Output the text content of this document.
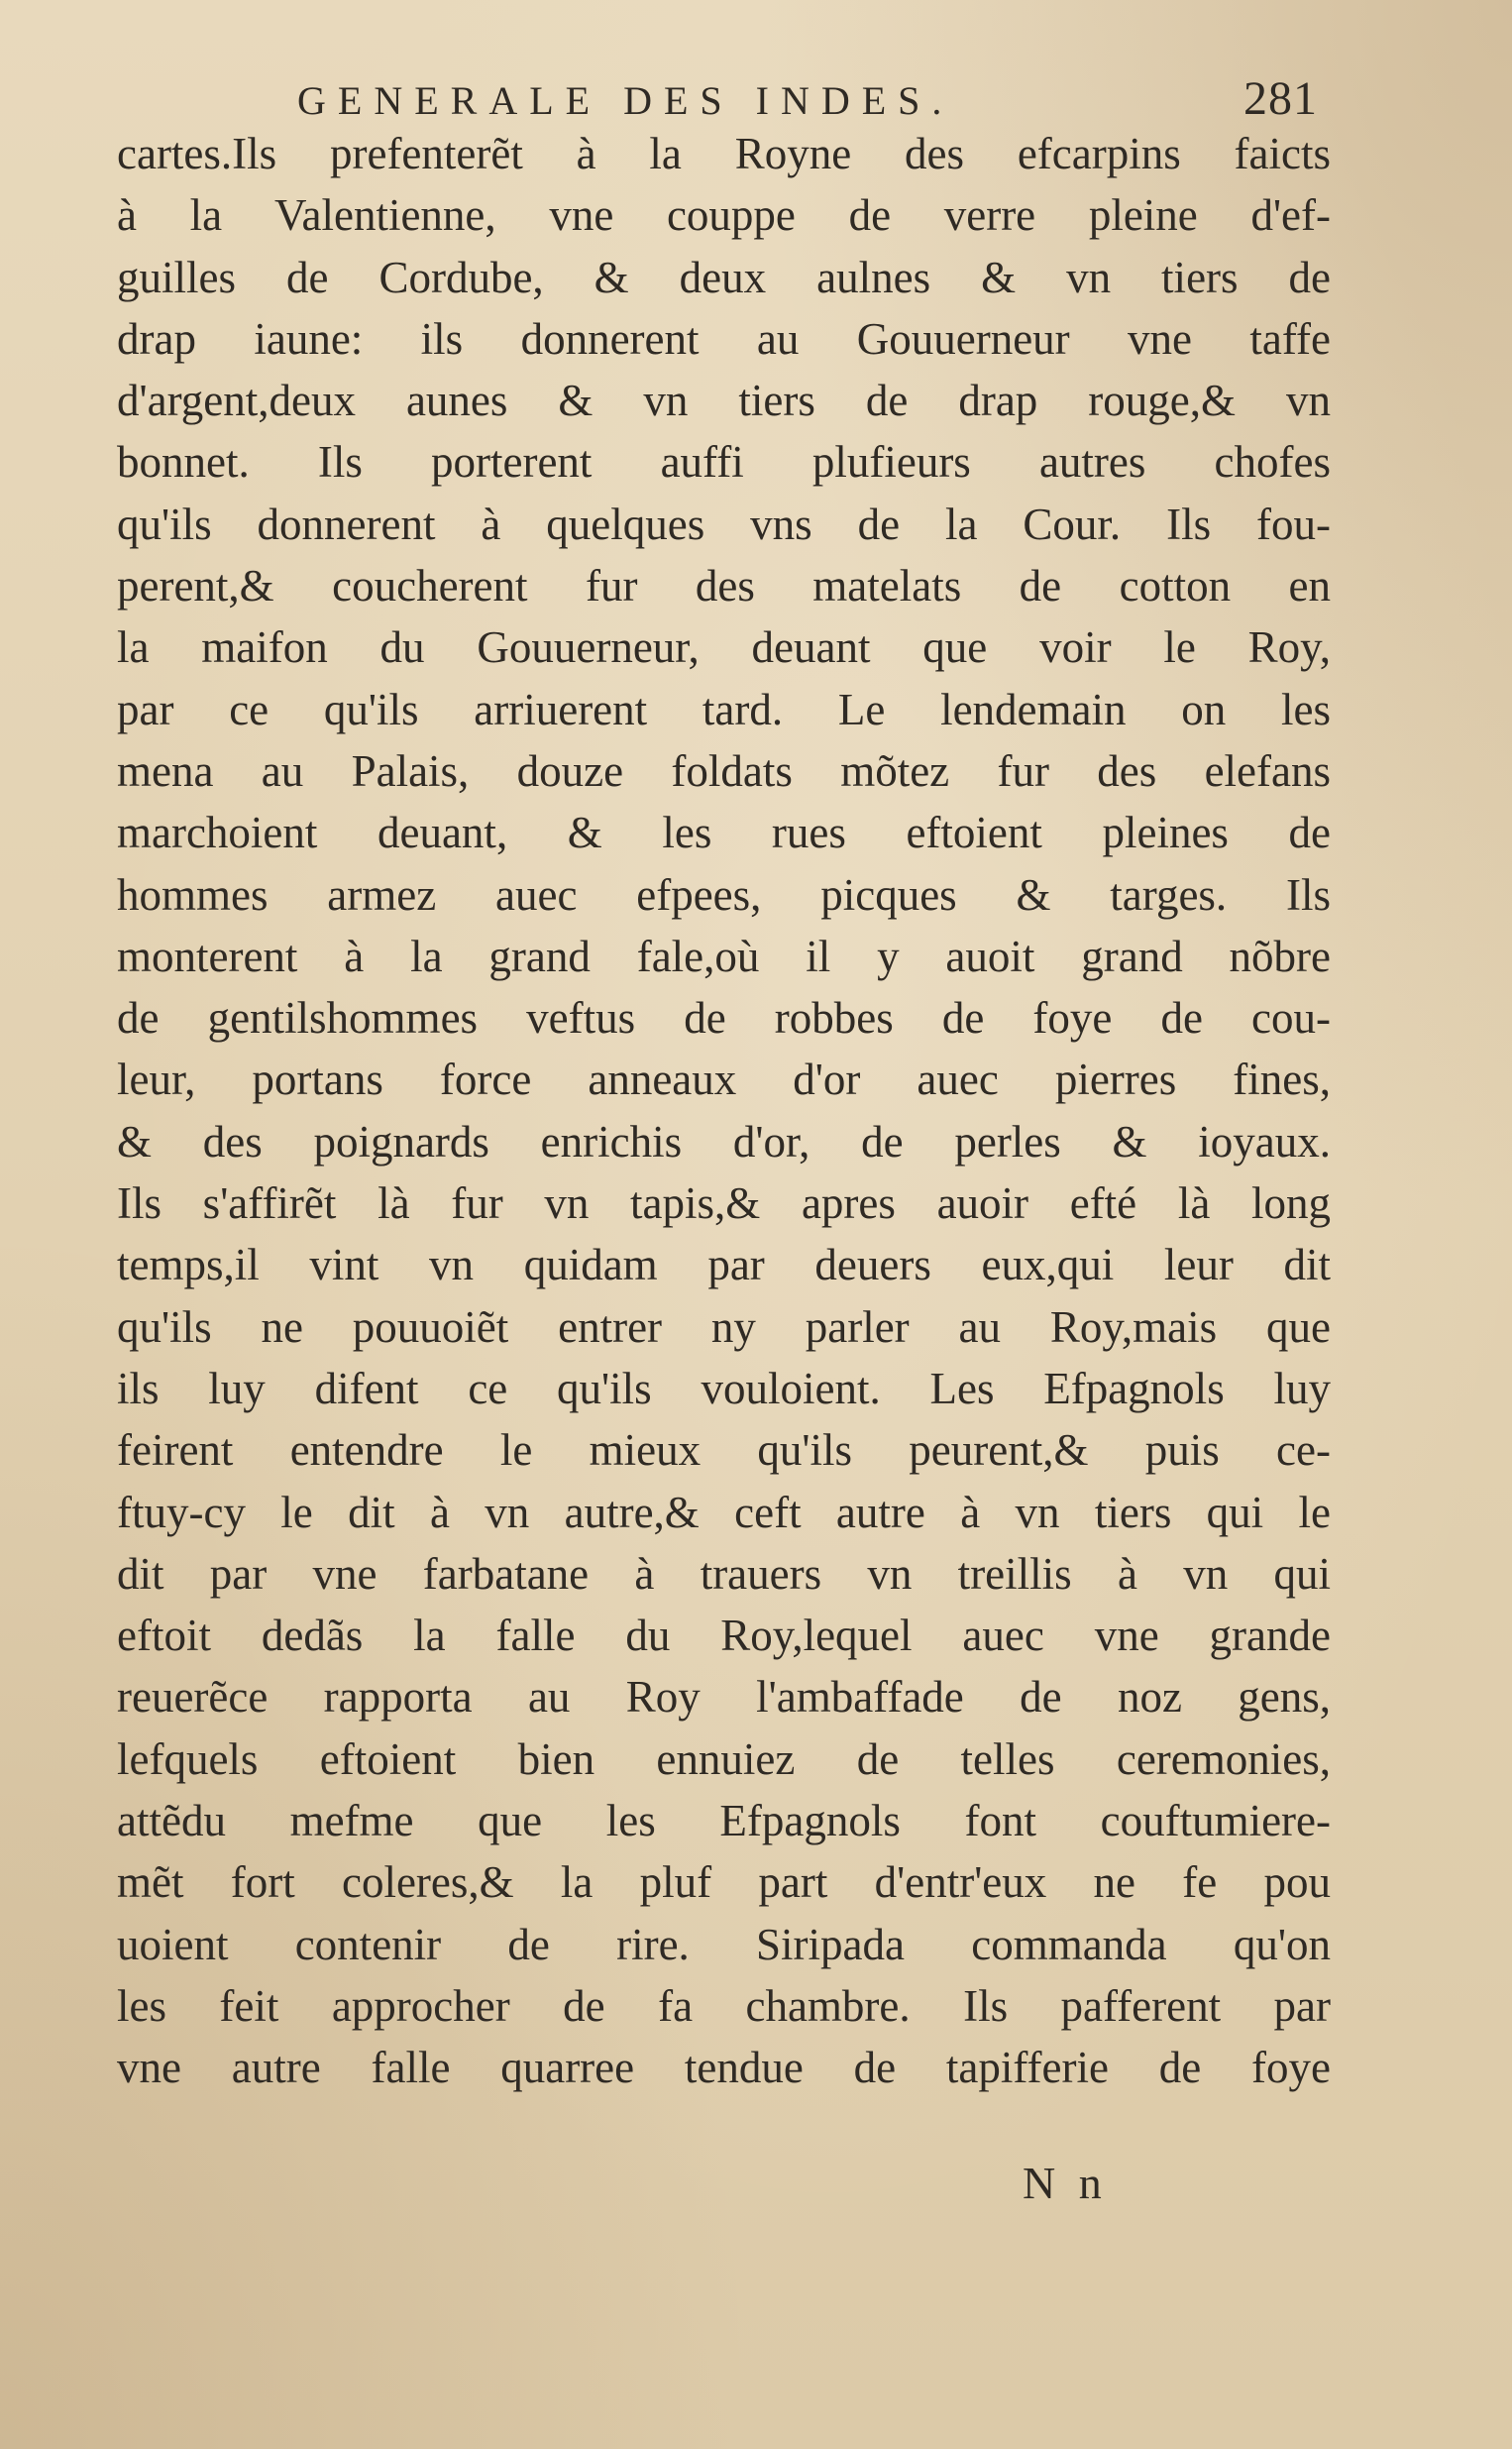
GENERALE DES INDES.	281
cartes.Ils prefenterẽt à la Royne des efcarpins faicts
à la Valentienne, vne couppe de verre pleine d'ef-
guilles de Cordube, & deux aulnes & vn tiers de
drap iaune: ils donnerent au Gouuerneur vne taffe
d'argent,deux aunes & vn tiers de drap rouge,& vn
bonnet. Ils porterent auffi plufieurs autres chofes
qu'ils donnerent à quelques vns de la Cour. Ils fou-
perent,& coucherent fur des matelats de cotton en
la maifon du Gouuerneur, deuant que voir le Roy,
par ce qu'ils arriuerent tard. Le lendemain on les
mena au Palais, douze foldats mõtez fur des elefans
marchoient deuant, & les rues eftoient pleines de
hommes armez auec efpees, picques & targes. Ils
monterent à la grand fale,où il y auoit grand nõbre
de gentilshommes veftus de robbes de foye de cou-
leur, portans force anneaux d'or auec pierres fines,
& des poignards enrichis d'or, de perles & ioyaux.
Ils s'affirẽt là fur vn tapis,& apres auoir efté là long
temps,il vint vn quidam par deuers eux,qui leur dit
qu'ils ne pouuoiẽt entrer ny parler au Roy,mais que
ils luy difent ce qu'ils vouloient. Les Efpagnols luy
feirent entendre le mieux qu'ils peurent,& puis ce-
ftuy-cy le dit à vn autre,& ceft autre à vn tiers qui le
dit par vne farbatane à trauers vn treillis à vn qui
eftoit dedãs la falle du Roy,lequel auec vne grande
reuerẽce rapporta au Roy l'ambaffade de noz gens,
lefquels eftoient bien ennuiez de telles ceremonies,
attẽdu mefme que les Efpagnols font couftumiere-
mẽt fort coleres,& la pluf part d'entr'eux ne fe pou
uoient contenir de rire. Siripada commanda qu'on
les feit approcher de fa chambre. Ils pafferent par
vne autre falle quarree tendue de tapifferie de foye
N n
